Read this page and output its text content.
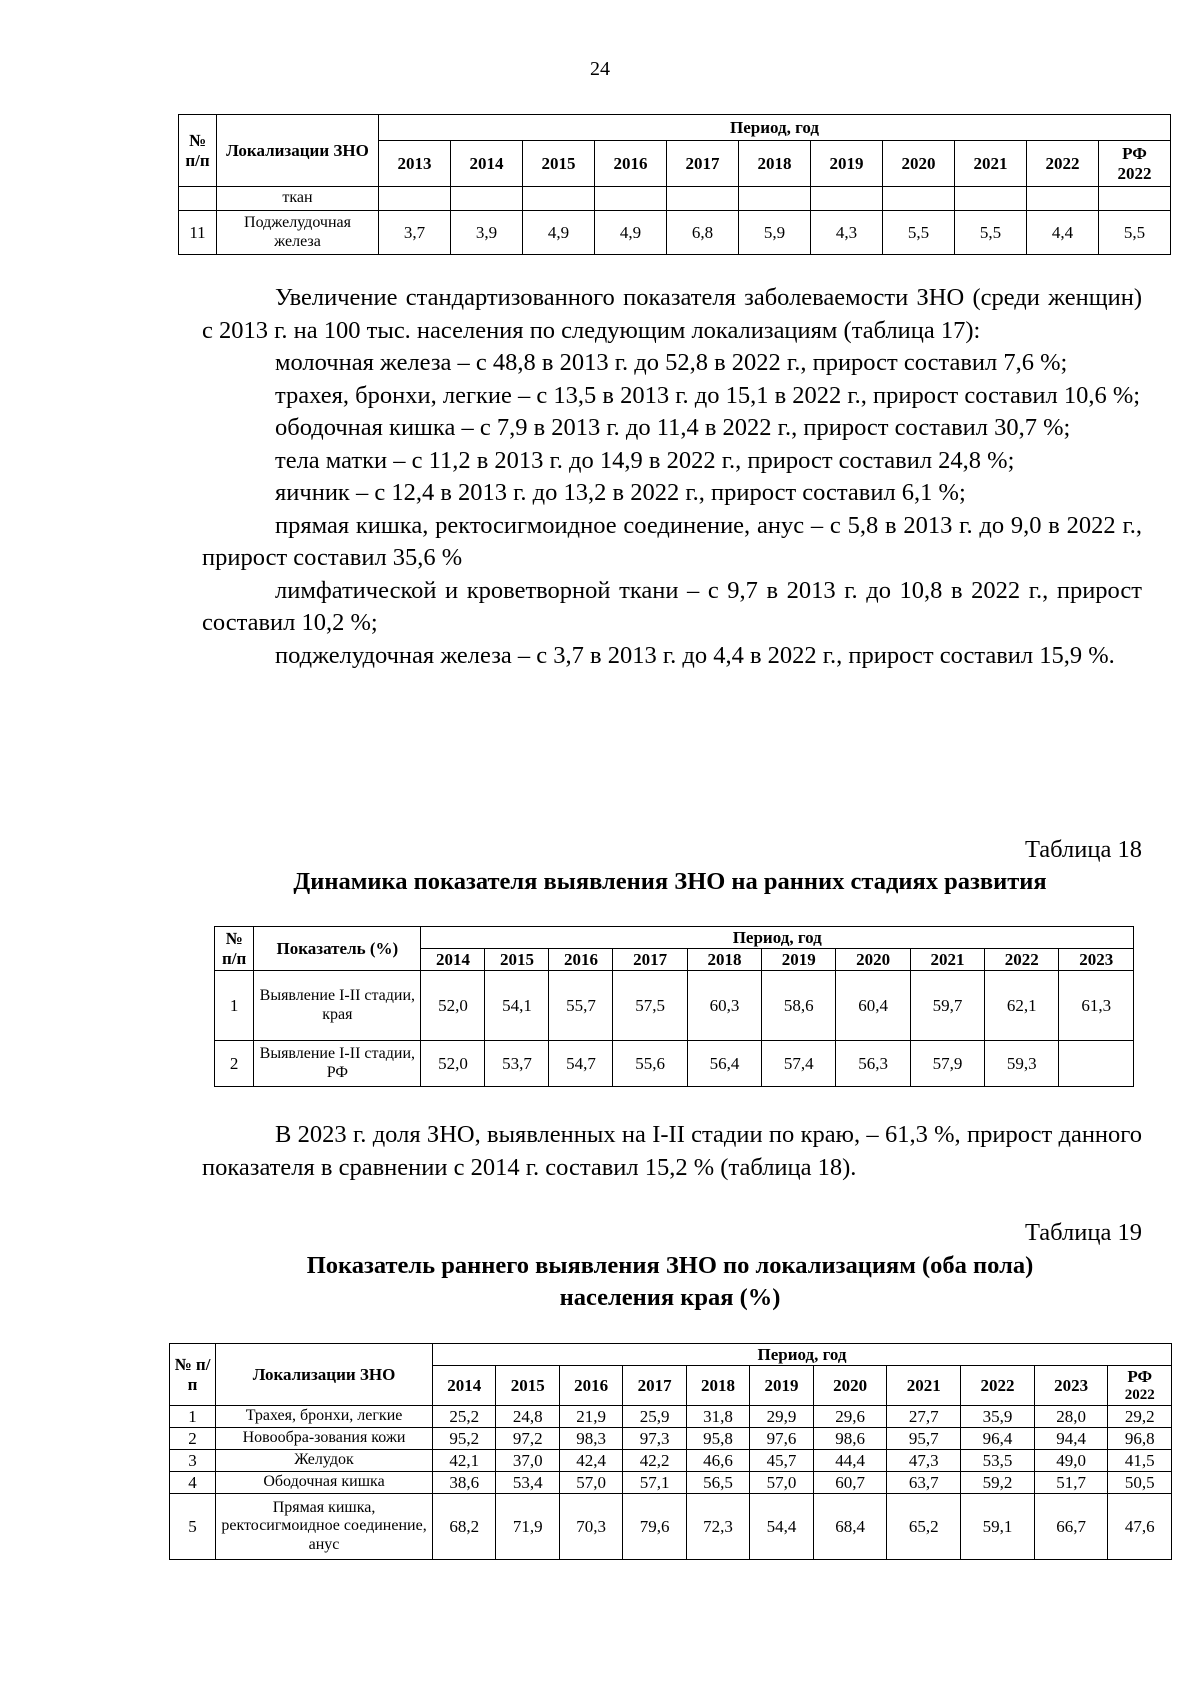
24
№ п/п	Локализации ЗНО	Период, год										
		2013	2014	2015	2016	2017	2018	2019	2020	2021	2022	РФ
2022

	ткан											
11	Поджелудочная железа	3,7	3,9	4,9	4,9	6,8	5,9	4,3	5,5	5,5	4,4	5,5

Увеличение стандартизованного показателя заболеваемости ЗНО (среди женщин) с 2013 г. на 100 тыс. населения по следующим локализациям (таблица 17):

молочная железа – с 48,8 в 2013 г. до 52,8 в 2022 г., прирост составил 7,6 %;

трахея, бронхи, легкие – с 13,5 в 2013 г. до 15,1 в 2022 г., прирост составил 10,6 %;

ободочная кишка – с 7,9 в 2013 г. до 11,4 в 2022 г., прирост составил 30,7 %;

тела матки – с 11,2 в 2013 г. до 14,9 в 2022 г., прирост составил 24,8 %;

яичник – с 12,4 в 2013 г. до 13,2 в 2022 г., прирост составил 6,1 %;

прямая кишка, ректосигмоидное соединение, анус – с 5,8 в 2013 г. до 9,0 в 2022 г., прирост составил 35,6 %

лимфатической и кроветворной ткани – с 9,7 в 2013 г. до 10,8 в 2022 г., прирост составил 10,2 %;

поджелудочная железа – с 3,7 в 2013 г. до 4,4 в 2022 г., прирост составил 15,9 %.

Таблица 18
Динамика показателя выявления ЗНО на ранних стадиях развития
№ п/п	Показатель (%)	Период, год									
		2014	2015	2016	2017	2018	2019	2020	2021	2022	2023
1	Выявление I-II стадии, края	52,0	54,1	55,7	57,5	60,3	58,6	60,4	59,7	62,1	61,3
2	Выявление I-II стадии, РФ	52,0	53,7	54,7	55,6	56,4	57,4	56,3	57,9	59,3	

В 2023 г. доля ЗНО, выявленных на I-II стадии по краю, – 61,3 %, прирост данного показателя в сравнении с 2014 г. составил 15,2 % (таблица 18).

Таблица 19
Показатель раннего выявления ЗНО по локализациям (оба пола)
населения края (%)
№ п/п	Локализации ЗНО	Период, год										
		2014	2015	2016	2017	2018	2019	2020	2021	2022	2023	РФ
2022

1	Трахея, бронхи, легкие	25,2	24,8	21,9	25,9	31,8	29,9	29,6	27,7	35,9	28,0	29,2
2	Новообра-зования кожи	95,2	97,2	98,3	97,3	95,8	97,6	98,6	95,7	96,4	94,4	96,8
3	Желудок	42,1	37,0	42,4	42,2	46,6	45,7	44,4	47,3	53,5	49,0	41,5
4	Ободочная кишка	38,6	53,4	57,0	57,1	56,5	57,0	60,7	63,7	59,2	51,7	50,5
5	Прямая кишка, ректосигмоидное соединение, анус	68,2	71,9	70,3	79,6	72,3	54,4	68,4	65,2	59,1	66,7	47,6
